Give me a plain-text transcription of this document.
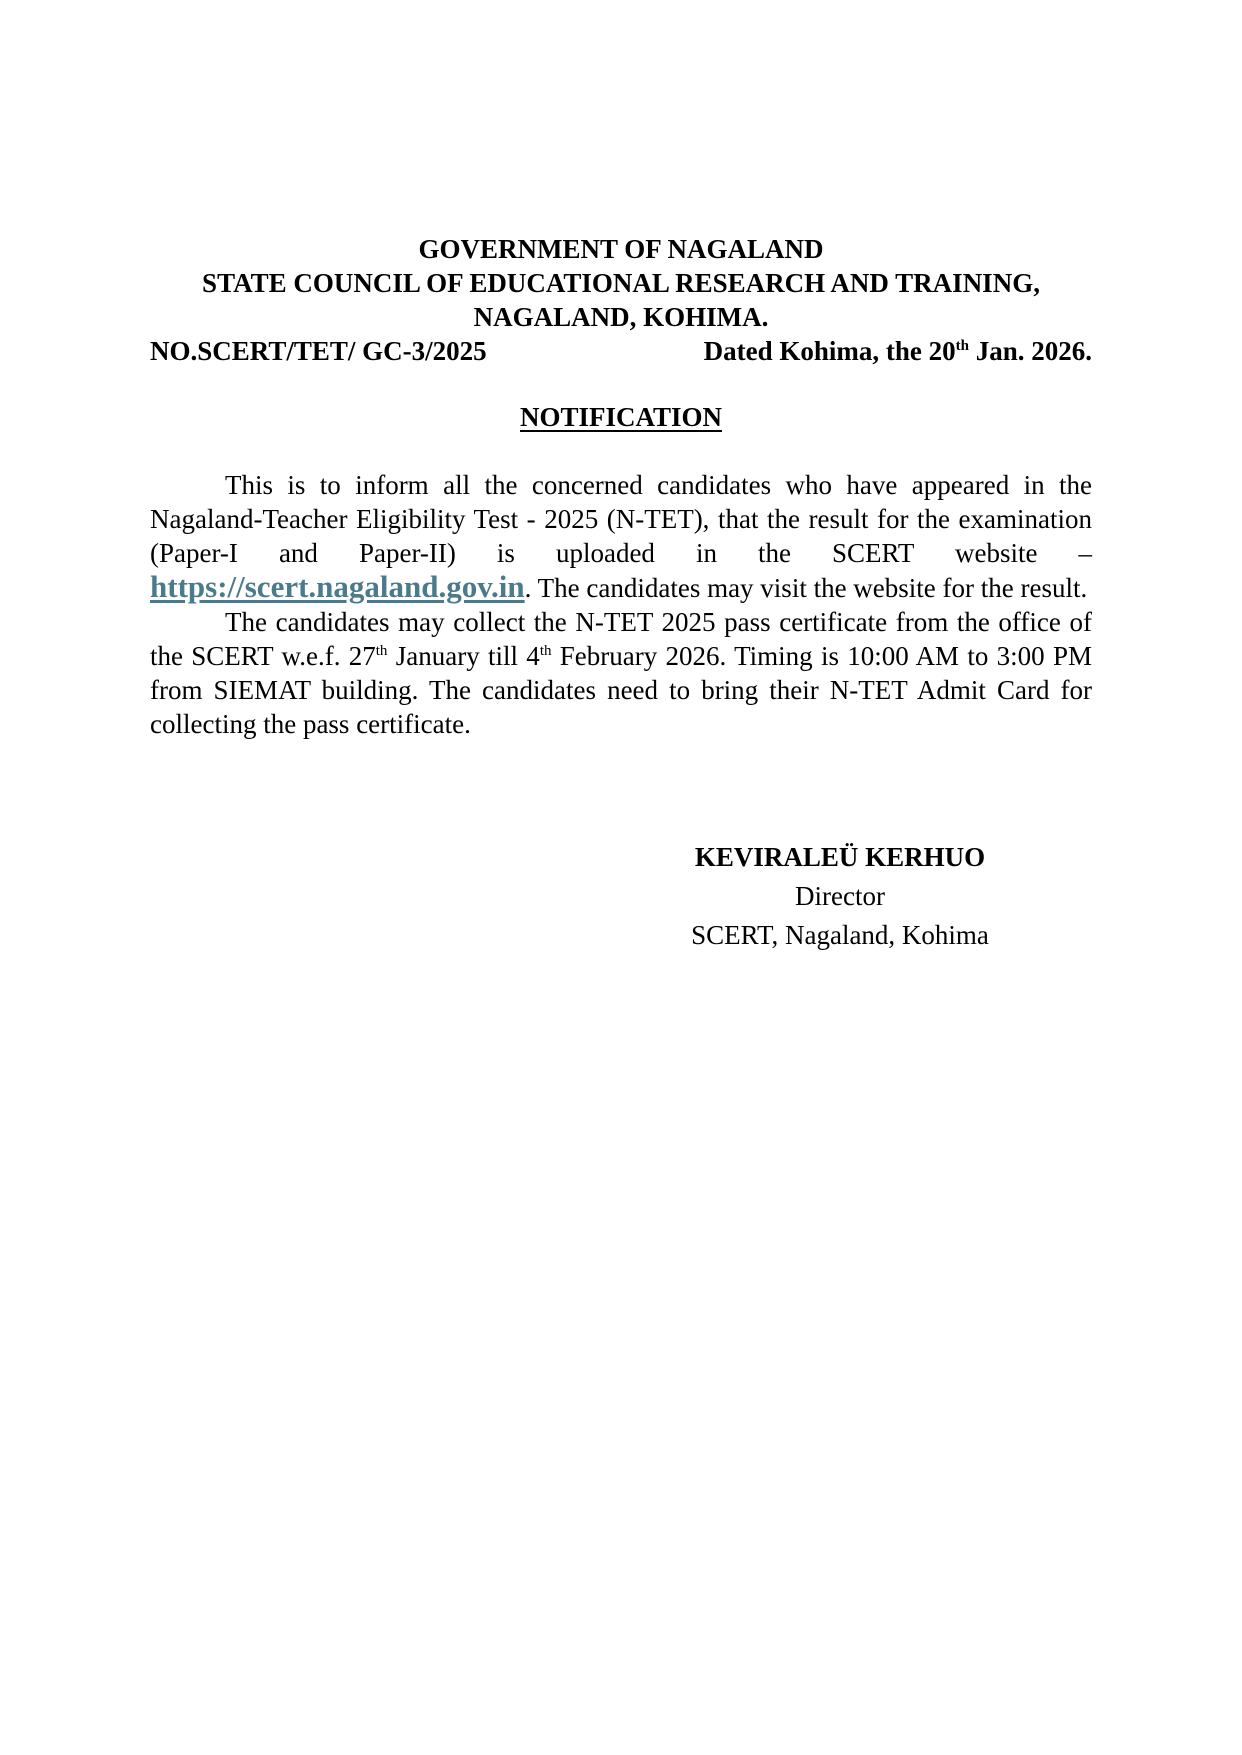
GOVERNMENT OF NAGALAND
STATE COUNCIL OF EDUCATIONAL RESEARCH AND TRAINING,
NAGALAND, KOHIMA.
NO.SCERT/TET/ GC-3/2025	Dated Kohima, the 20th Jan. 2026.
NOTIFICATION

This is to inform all the concerned candidates who have appeared in the Nagaland-Teacher Eligibility Test - 2025 (N-TET), that the result for the examination (Paper-I and Paper-II) is uploaded in the SCERT website –https://scert.nagaland.gov.in. The candidates may visit the website for the result.

The candidates may collect the N-TET 2025 pass certificate from the office of the SCERT w.e.f. 27th January till 4th February 2026. Timing is 10:00 AM to 3:00 PM from SIEMAT building. The candidates need to bring their N-TET Admit Card for collecting the pass certificate.

KEVIRALEÜ KERHUO
Director
SCERT, Nagaland, Kohima
